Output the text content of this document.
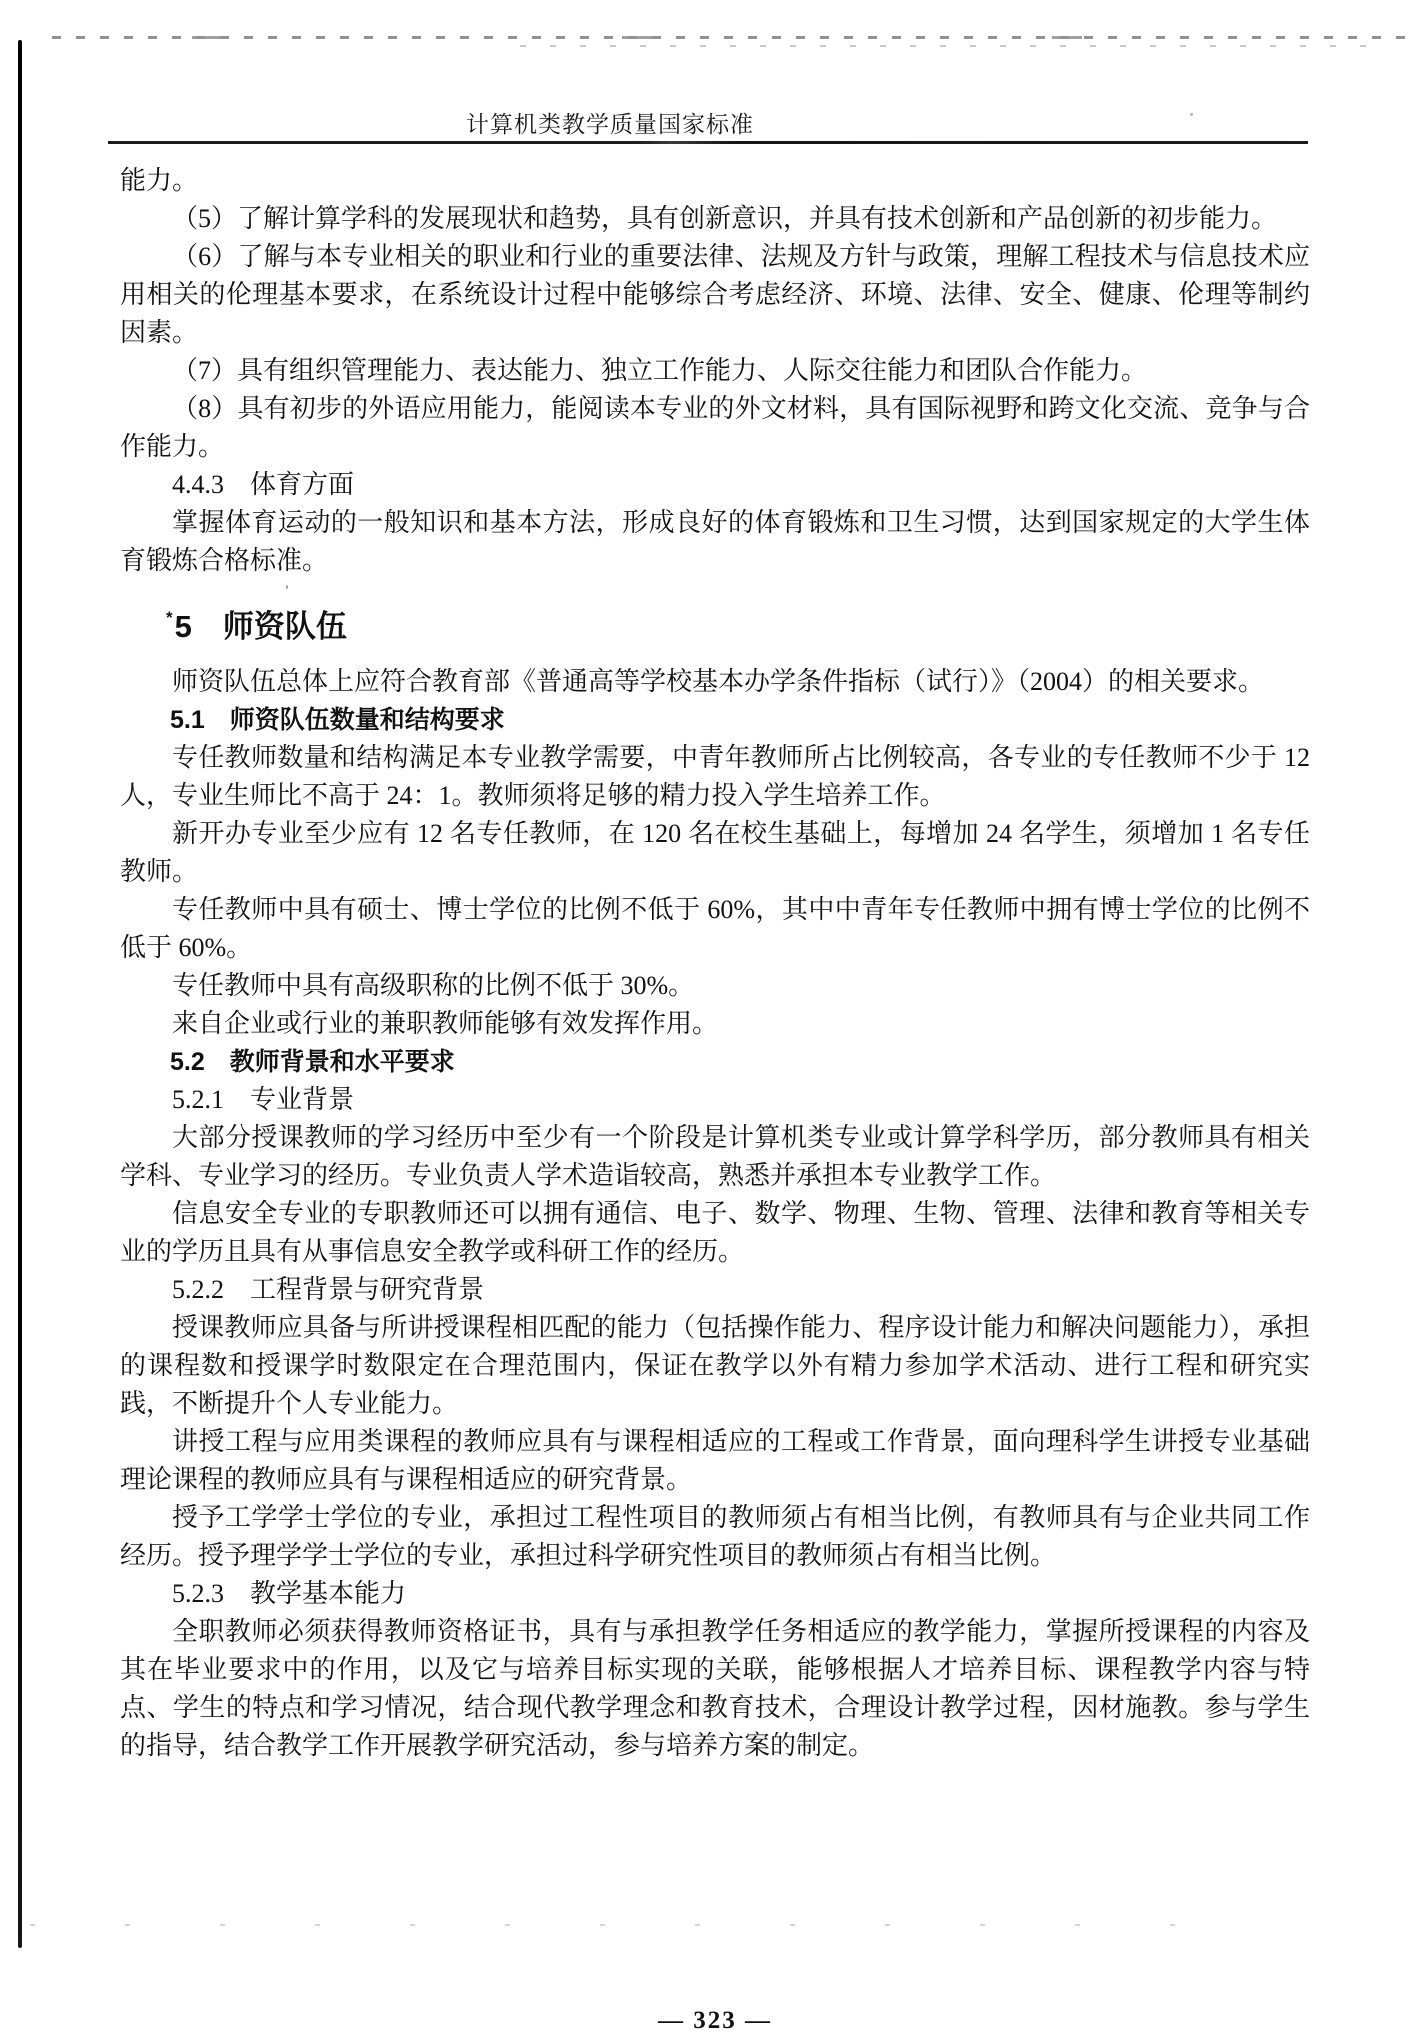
计算机类教学质量国家标准

能力。

（5）了解计算学科的发展现状和趋势，具有创新意识，并具有技术创新和产品创新的初步能力。

（6）了解与本专业相关的职业和行业的重要法律、法规及方针与政策，理解工程技术与信息技术应用相关的伦理基本要求，在系统设计过程中能够综合考虑经济、环境、法律、安全、健康、伦理等制约因素。

（7）具有组织管理能力、表达能力、独立工作能力、人际交往能力和团队合作能力。

（8）具有初步的外语应用能力，能阅读本专业的外文材料，具有国际视野和跨文化交流、竞争与合作能力。

4.4.3　体育方面

掌握体育运动的一般知识和基本方法，形成良好的体育锻炼和卫生习惯，达到国家规定的大学生体育锻炼合格标准。

*5　师资队伍

师资队伍总体上应符合教育部《普通高等学校基本办学条件指标（试行）》（2004）的相关要求。

5.1　师资队伍数量和结构要求

专任教师数量和结构满足本专业教学需要，中青年教师所占比例较高，各专业的专任教师不少于 12 人，专业生师比不高于 24：1。教师须将足够的精力投入学生培养工作。

新开办专业至少应有 12 名专任教师，在 120 名在校生基础上，每增加 24 名学生，须增加 1 名专任教师。

专任教师中具有硕士、博士学位的比例不低于 60%，其中中青年专任教师中拥有博士学位的比例不低于 60%。

专任教师中具有高级职称的比例不低于 30%。

来自企业或行业的兼职教师能够有效发挥作用。

5.2　教师背景和水平要求

5.2.1　专业背景

大部分授课教师的学习经历中至少有一个阶段是计算机类专业或计算学科学历，部分教师具有相关学科、专业学习的经历。专业负责人学术造诣较高，熟悉并承担本专业教学工作。

信息安全专业的专职教师还可以拥有通信、电子、数学、物理、生物、管理、法律和教育等相关专业的学历且具有从事信息安全教学或科研工作的经历。

5.2.2　工程背景与研究背景

授课教师应具备与所讲授课程相匹配的能力（包括操作能力、程序设计能力和解决问题能力），承担的课程数和授课学时数限定在合理范围内，保证在教学以外有精力参加学术活动、进行工程和研究实践，不断提升个人专业能力。

讲授工程与应用类课程的教师应具有与课程相适应的工程或工作背景，面向理科学生讲授专业基础理论课程的教师应具有与课程相适应的研究背景。

授予工学学士学位的专业，承担过工程性项目的教师须占有相当比例，有教师具有与企业共同工作经历。授予理学学士学位的专业，承担过科学研究性项目的教师须占有相当比例。

5.2.3　教学基本能力

全职教师必须获得教师资格证书，具有与承担教学任务相适应的教学能力，掌握所授课程的内容及其在毕业要求中的作用，以及它与培养目标实现的关联，能够根据人才培养目标、课程教学内容与特点、学生的特点和学习情况，结合现代教学理念和教育技术，合理设计教学过程，因材施教。参与学生的指导，结合教学工作开展教学研究活动，参与培养方案的制定。

— 323 —
